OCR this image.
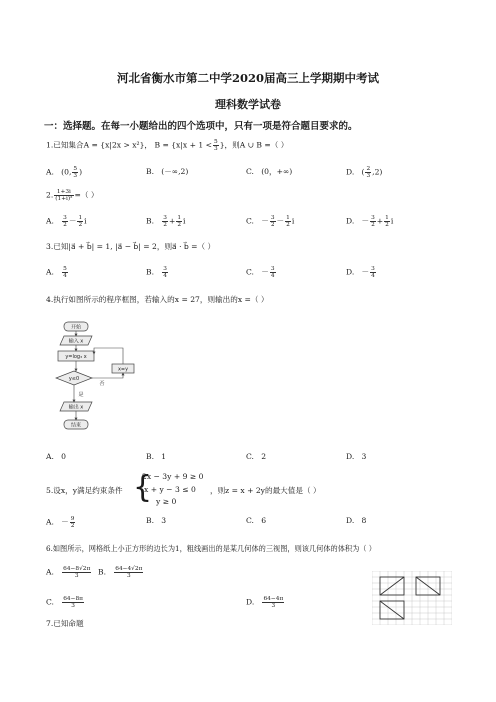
河北省衡水市第二中学2020届高三上学期期中考试
理科数学试卷
一：选择题。在每一小题给出的四个选项中，只有一项是符合题目要求的。
1.已知集合A = {x|2x > x²}， $B = \{x|x + 1 < \frac{5}{3}$ }，则A ∪ B =（ ）
A. (0, $\frac{5}{3}$ )	B. (－∞,2)	C. (0，+∞)	D. ( $\frac{2}{3} ,2$)
2. $\frac{1+3i}{\text{(1+i)²}}$ =（ ）
A. $\frac{3}{2} - \frac{1}{2}$ i	B. $\frac{3}{2} + \frac{1}{2}$ i	C. － $\frac{3}{2} - \frac{1}{2}$ i	D. － $\frac{3}{2} + \frac{1}{2}$ i
3.已知|a⃗ + b⃗| = 1, |a⃗ − b⃗| = 2，则a⃗ · b⃗ =（ ）
A. $\frac{5}{4}$	B. $\frac{3}{4}$	C. － $\frac{3}{4}$	D. － $\frac{3}{4}$
4.执行如图所示的程序框图，若输入的x = 27，则输出的x =（ ）
开始
输入 x
y=log₃ x
y≤0
x=y
否
是
输出 x
结束
A. 0	B. 1	C. 2	D. 3
5.设x，y满足约束条件 {
2x − 3y + 9 ≥ 0
x + y − 3 ≤ 0
y ≥ 0
，则z = x + 2y的最大值是（ ）
A. － $\frac{9}{2}$	B. 3	C. 6	D. 8
6.如图所示，网格纸上小正方形的边长为1，粗线画出的是某几何体的三视图，则该几何体的体积为（ ）
A. $\frac{64-8√2\pi}{3} B$. $\frac{64-4√2\pi}{3}$
C. $\frac{64-8\pi}{3}$	D. $\frac{64-4\pi}{3}$
7.已知命题
